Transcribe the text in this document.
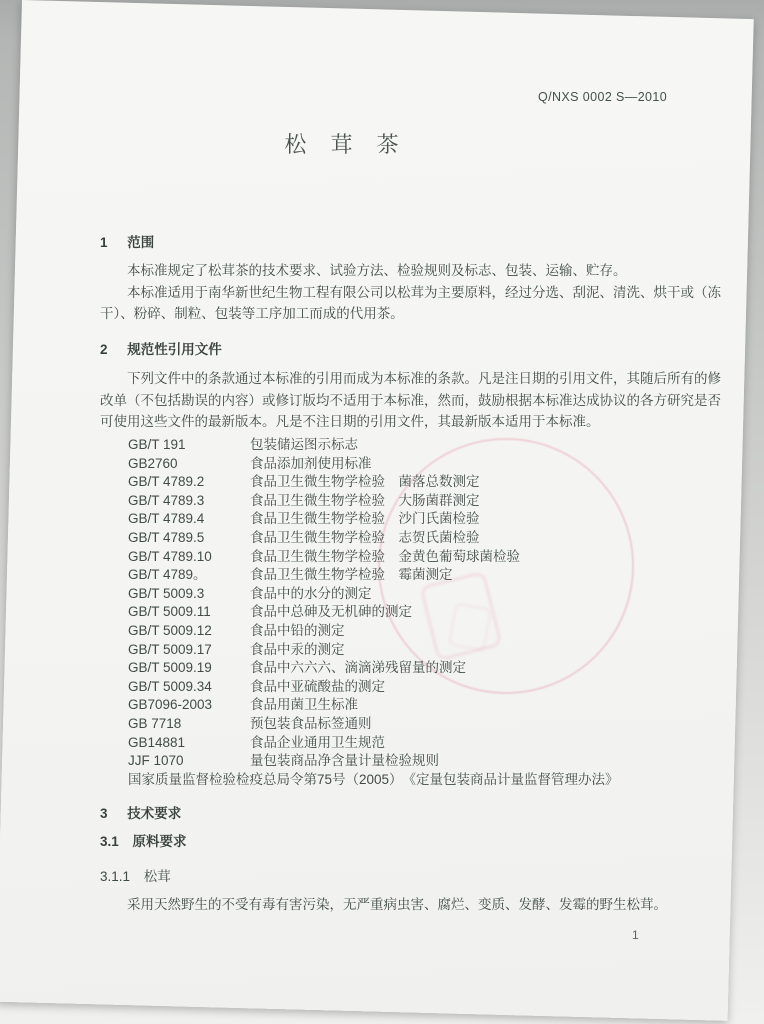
Q/NXS 0002 S—2010
松 茸 茶
1 范围

本标准规定了松茸茶的技术要求、试验方法、检验规则及标志、包装、运输、贮存。

本标准适用于南华新世纪生物工程有限公司以松茸为主要原料，经过分选、刮泥、清洗、烘干或（冻干）、粉碎、制粒、包装等工序加工而成的代用茶。

2 规范性引用文件

下列文件中的条款通过本标准的引用而成为本标准的条款。凡是注日期的引用文件，其随后所有的修改单（不包括勘误的内容）或修订版均不适用于本标准，然而，鼓励根据本标准达成协议的各方研究是否可使用这些文件的最新版本。凡是不注日期的引用文件，其最新版本适用于本标准。

GB/T 191	包装储运图示标志
GB2760	食品添加剂使用标准
GB/T 4789.2	食品卫生微生物学检验　菌落总数测定
GB/T 4789.3	食品卫生微生物学检验　大肠菌群测定
GB/T 4789.4	食品卫生微生物学检验　沙门氏菌检验
GB/T 4789.5	食品卫生微生物学检验　志贺氏菌检验
GB/T 4789.10	食品卫生微生物学检验　金黄色葡萄球菌检验
GB/T 4789。	食品卫生微生物学检验　霉菌测定
GB/T 5009.3	食品中的水分的测定
GB/T 5009.11	食品中总砷及无机砷的测定
GB/T 5009.12	食品中铅的测定
GB/T 5009.17	食品中汞的测定
GB/T 5009.19	食品中六六六、滴滴涕残留量的测定
GB/T 5009.34	食品中亚硫酸盐的测定
GB7096-2003	食品用菌卫生标准
GB 7718	预包装食品标签通则
GB14881	食品企业通用卫生规范
JJF 1070	量包装商品净含量计量检验规则
国家质量监督检验检疫总局令第75号（2005）　《定量包装商品计量监督管理办法》
3 技术要求
3.1 原料要求
3.1.1 松茸

采用天然野生的不受有毒有害污染，无严重病虫害、腐烂、变质、发酵、发霉的野生松茸。

1
